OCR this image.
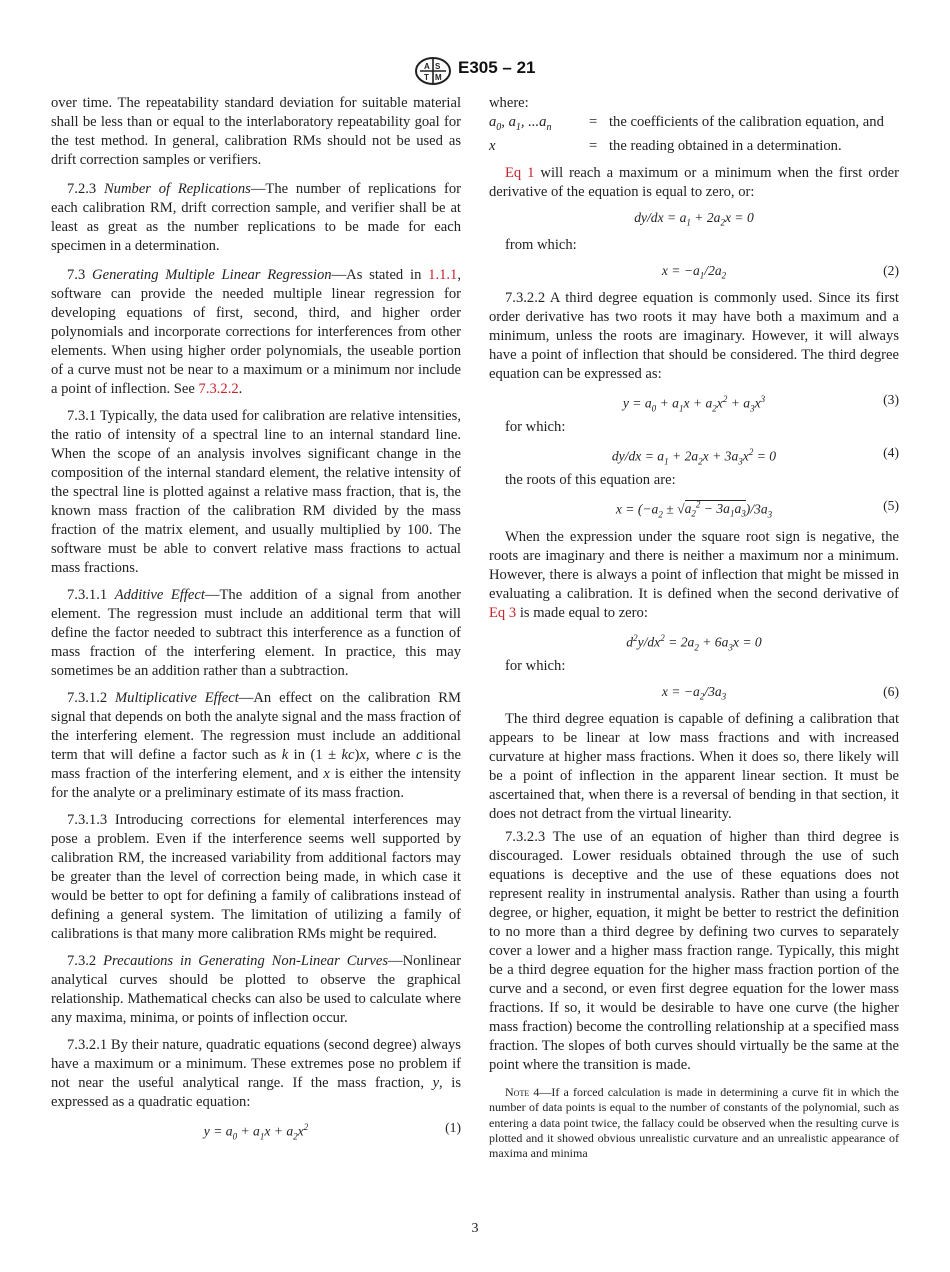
A S
T M
E305 – 21

over time. The repeatability standard deviation for suitable material shall be less than or equal to the interlaboratory repeatability goal for the test method. In general, calibration RMs should not be used as drift correction samples or verifiers.

7.2.3 Number of Replications—The number of replications for each calibration RM, drift correction sample, and verifier shall be at least as great as the number replications to be made for each specimen in a determination.

7.3 Generating Multiple Linear Regression—As stated in 1.1.1, software can provide the needed multiple linear regression for developing equations of first, second, third, and higher order polynomials and incorporate corrections for interferences from other elements. When using higher order polynomials, the useable portion of a curve must not be near to a maximum or a minimum nor include a point of inflection. See 7.3.2.2.

7.3.1 Typically, the data used for calibration are relative intensities, the ratio of intensity of a spectral line to an internal standard line. When the scope of an analysis involves significant change in the composition of the internal standard element, the relative intensity of the spectral line is plotted against a relative mass fraction, that is, the known mass fraction of the calibration RM divided by the mass fraction of the matrix element, and usually multiplied by 100. The software must be able to convert relative mass fractions to actual mass fractions.

7.3.1.1 Additive Effect—The addition of a signal from another element. The regression must include an additional term that will define the factor needed to subtract this interference as a function of mass fraction of the interfering element. In practice, this may sometimes be an addition rather than a subtraction.

7.3.1.2 Multiplicative Effect—An effect on the calibration RM signal that depends on both the analyte signal and the mass fraction of the interfering element. The regression must include an additional term that will define a factor such as k in (1 ± kc)x, where c is the mass fraction of the interfering element, and x is either the intensity for the analyte or a preliminary estimate of its mass fraction.

7.3.1.3 Introducing corrections for elemental interferences may pose a problem. Even if the interference seems well supported by calibration RM, the increased variability from additional factors may be greater than the level of correction being made, in which case it would be better to opt for defining a family of calibrations instead of defining a general system. The limitation of utilizing a family of calibrations is that many more calibration RMs might be required.

7.3.2 Precautions in Generating Non-Linear Curves—Nonlinear analytical curves should be plotted to observe the graphical relationship. Mathematical checks can also be used to calculate where any maxima, minima, or points of inflection occur.

7.3.2.1 By their nature, quadratic equations (second degree) always have a maximum or a minimum. These extremes pose no problem if not near the useful analytical range. If the mass fraction, y, is expressed as a quadratic equation:

$y = a_0 + a_1x + a_2x^2$	(1)

where:

$a_0$, $a_1$, $...a_n$	= the coefficients of the calibration equation, and
x	= the reading obtained in a determination.

Eq 1 will reach a maximum or a minimum when the first order derivative of the equation is equal to zero, or:

$dy/dx = a_1 + 2a_2x = 0$

from which:

$x = -a_1/2a_2$	(2)

7.3.2.2 A third degree equation is commonly used. Since its first order derivative has two roots it may have both a maximum and a minimum, unless the roots are imaginary. However, it will always have a point of inflection that should be considered. The third degree equation can be expressed as:

$y = a_0 + a_1x + a_2x^2 + a_3x^3$	(3)

for which:

$dy/dx = a_1 + 2a_2x + 3a_3x^2 = 0$	(4)

the roots of this equation are:

$x = (-a_2 \pm √a_2^2 - 3a_1a_3)/3a_3$
(5)

When the expression under the square root sign is negative, the roots are imaginary and there is neither a maximum nor a minimum. However, there is always a point of inflection that might be missed in evaluating a calibration. It is defined when the second derivative of Eq 3 is made equal to zero:

$d^2y/dx^2 = 2a_2 + 6a_3x = 0$

for which:

$x = -a_2/3a_3$	(6)

The third degree equation is capable of defining a calibration that appears to be linear at low mass fractions and with increased curvature at higher mass fractions. When it does so, there likely will be a point of inflection in the apparent linear section. It must be ascertained that, when there is a reversal of bending in that section, it does not detract from the virtual linearity.

7.3.2.3 The use of an equation of higher than third degree is discouraged. Lower residuals obtained through the use of such equations is deceptive and the use of these equations does not represent reality in instrumental analysis. Rather than using a fourth degree, or higher, equation, it might be better to restrict the definition to no more than a third degree by defining two curves to separately cover a lower and a higher mass fraction range. Typically, this might be a third degree equation for the higher mass fraction portion of the curve and a second, or even first degree equation for the lower mass fractions. If so, it would be desirable to have one curve (the higher mass fraction) become the controlling relationship at a specified mass fraction. The slopes of both curves should virtually be the same at the point where the transition is made.

Note 4—If a forced calculation is made in determining a curve fit in which the number of data points is equal to the number of constants of the polynomial, such as entering a data point twice, the fallacy could be observed when the resulting curve is plotted and it showed obvious unrealistic curvature and an unrealistic appearance of maxima and minima

3
